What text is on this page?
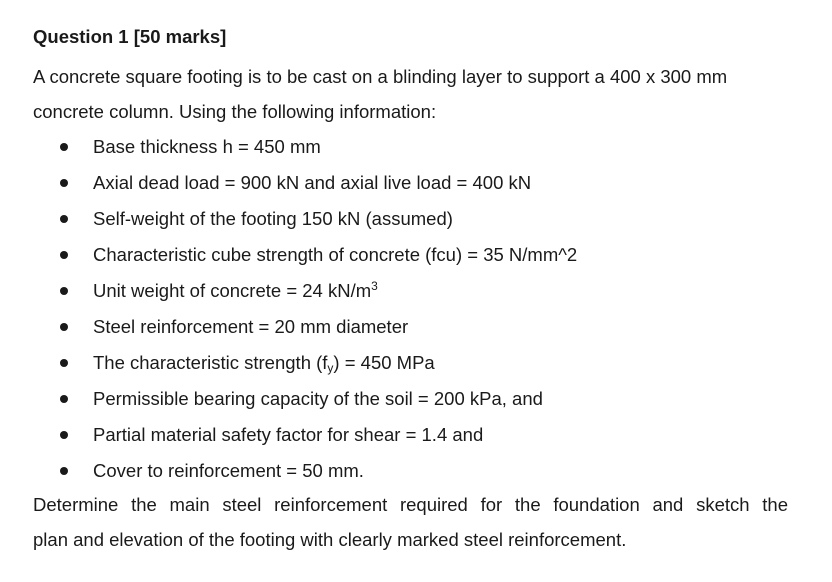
Question 1 [50 marks]
A concrete square footing is to be cast on a blinding layer to support a 400 x 300 mm
concrete column. Using the following information:
Base thickness h = 450 mm
Axial dead load = 900 kN and axial live load = 400 kN
Self-weight of the footing 150 kN (assumed)
Characteristic cube strength of concrete (fcu) = 35 N/mm^2
Unit weight of concrete = 24 $kN/m^3$
Steel reinforcement = 20 mm diameter
The characteristic strength $(f_y) = 450$ MPa
Permissible bearing capacity of the soil = 200 kPa, and
Partial material safety factor for shear = 1.4 and
Cover to reinforcement = 50 mm.
Determine the main steel reinforcement required for the foundation and sketch the
plan and elevation of the footing with clearly marked steel reinforcement.
